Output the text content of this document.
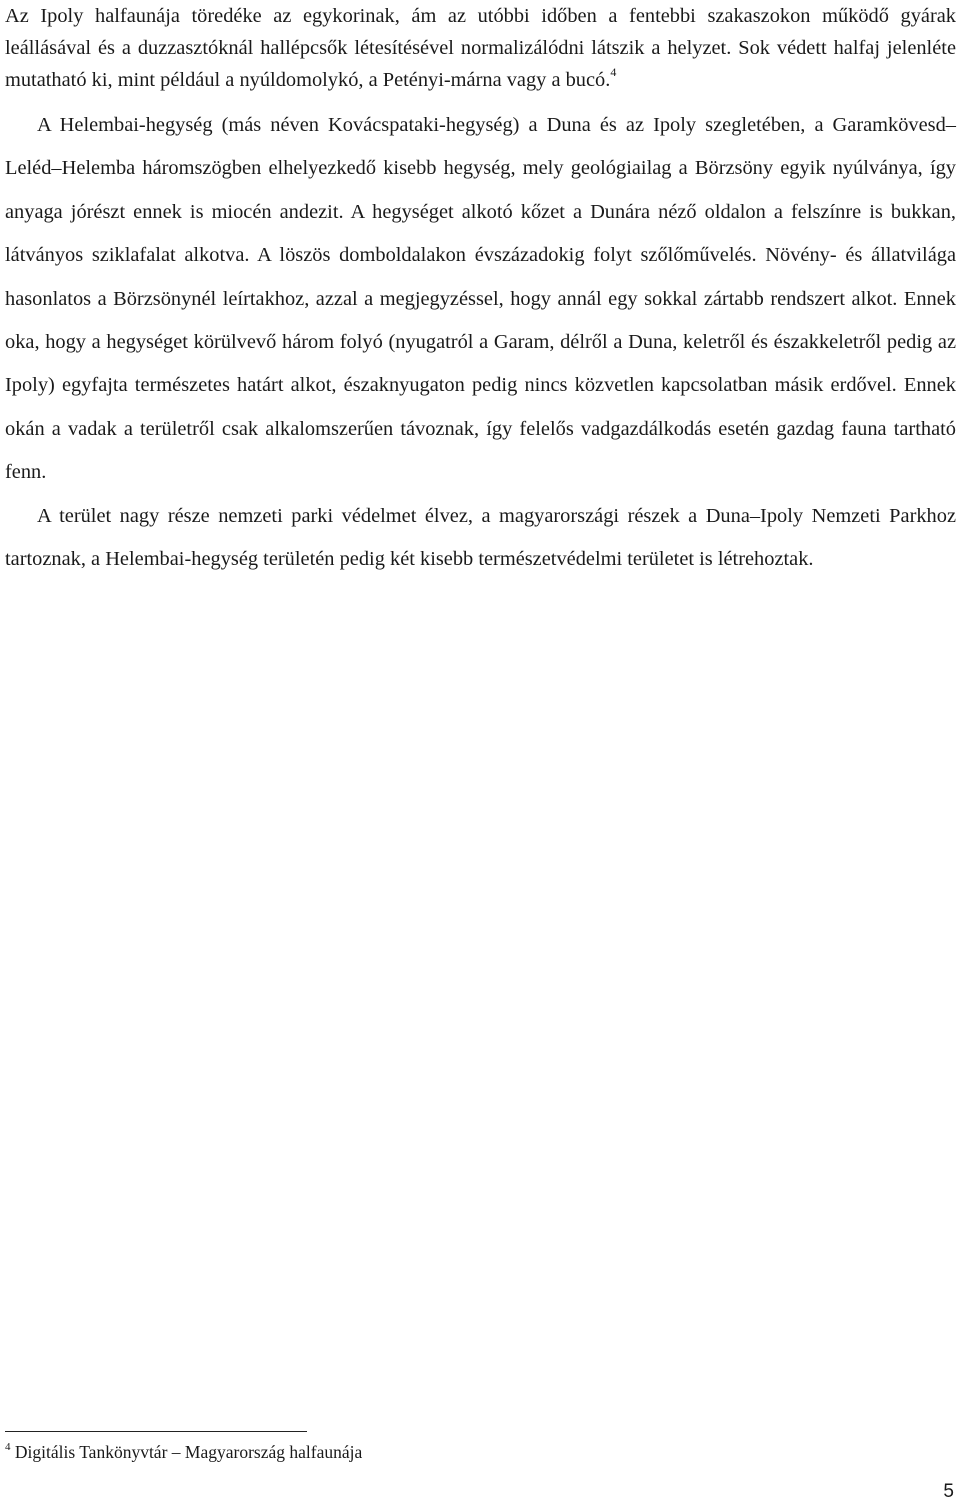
Az Ipoly halfaunája töredéke az egykorinak, ám az utóbbi időben a fentebbi szakaszokon működő gyárak leállásával és a duzzasztóknál hallépcsők létesítésével normalizálódni látszik a helyzet. Sok védett halfaj jelenléte mutatható ki, mint például a nyúldomolykó, a Petényi-márna vagy a bucó.$^4$

A Helembai-hegység (más néven Kovácspataki-hegység) a Duna és az Ipoly szegletében, a Garamkövesd–Leléd–Helemba háromszögben elhelyezkedő kisebb hegység, mely geológiailag a Börzsöny egyik nyúlványa, így anyaga jórészt ennek is miocén andezit. A hegységet alkotó kőzet a Dunára néző oldalon a felszínre is bukkan, látványos sziklafalat alkotva. A löszös domboldalakon évszázadokig folyt szőlőművelés. Növény- és állatvilága hasonlatos a Börzsönynél leírtakhoz, azzal a megjegyzéssel, hogy annál egy sokkal zártabb rendszert alkot. Ennek oka, hogy a hegységet körülvevő három folyó (nyugatról a Garam, délről a Duna, keletről és északkeletről pedig az Ipoly) egyfajta természetes határt alkot, északnyugaton pedig nincs közvetlen kapcsolatban másik erdővel. Ennek okán a vadak a területről csak alkalomszerűen távoznak, így felelős vadgazdálkodás esetén gazdag fauna tartható fenn.

A terület nagy része nemzeti parki védelmet élvez, a magyarországi részek a Duna–Ipoly Nemzeti Parkhoz tartoznak, a Helembai-hegység területén pedig két kisebb természetvédelmi területet is létrehoztak.

$^4$ Digitális Tankönyvtár – Magyarország halfaunája
5
